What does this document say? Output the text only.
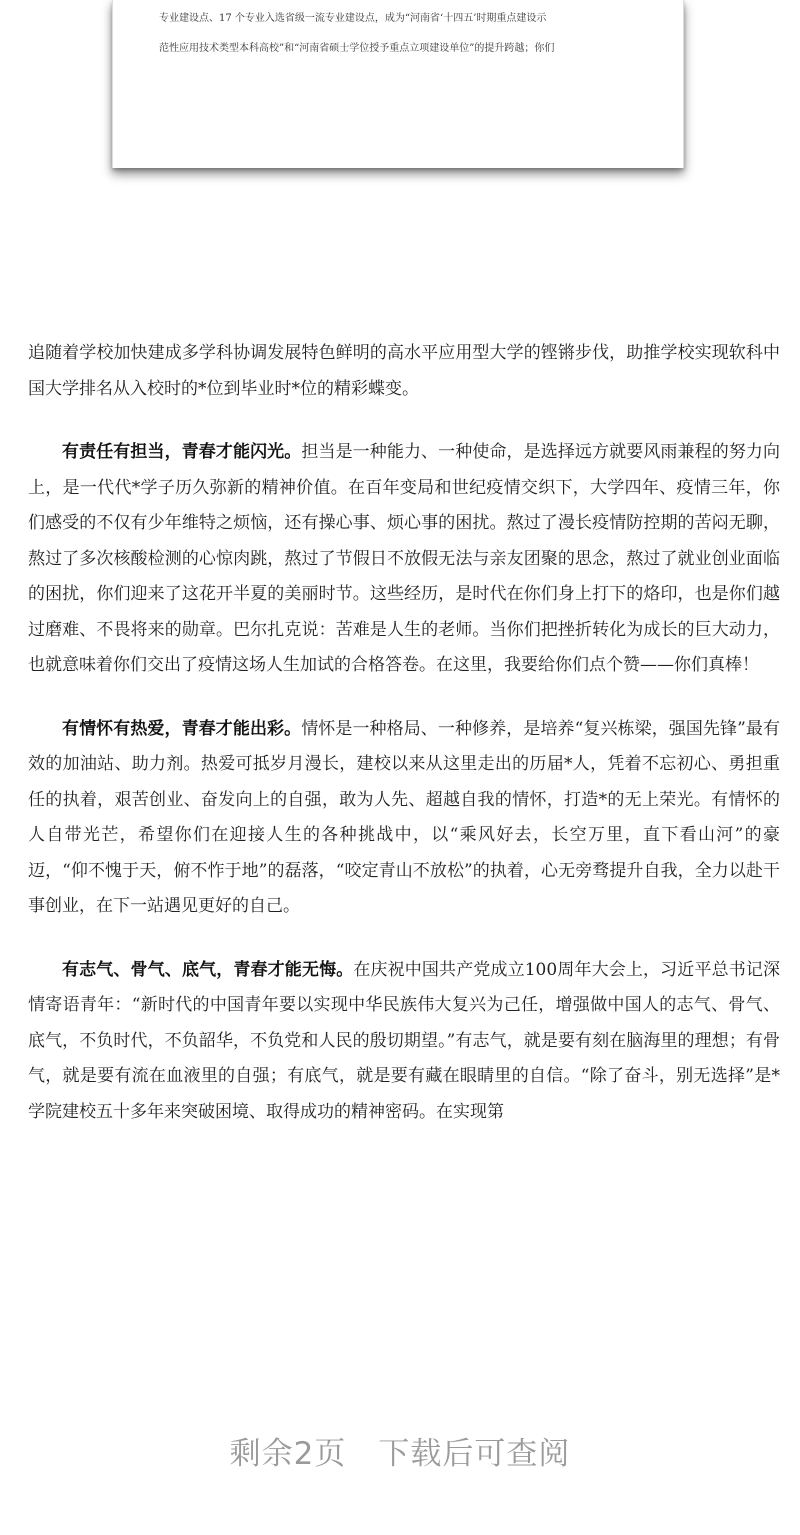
专业建设点、17 个专业入选省级一流专业建设点，成为“河南省‘十四五’时期重点建设示
范性应用技术类型本科高校”和“河南省硕士学位授予重点立项建设单位”的提升跨越；你们

追随着学校加快建成多学科协调发展特色鲜明的高水平应用型大学的铿锵步伐，助推学校实现软科中国大学排名从入校时的*位到毕业时*位的精彩蝶变。

有责任有担当，青春才能闪光。担当是一种能力、一种使命，是选择远方就要风雨兼程的努力向上，是一代代*学子历久弥新的精神价值。在百年变局和世纪疫情交织下，大学四年、疫情三年，你们感受的不仅有少年维特之烦恼，还有操心事、烦心事的困扰。熬过了漫长疫情防控期的苦闷无聊，熬过了多次核酸检测的心惊肉跳，熬过了节假日不放假无法与亲友团聚的思念，熬过了就业创业面临的困扰，你们迎来了这花开半夏的美丽时节。这些经历，是时代在你们身上打下的烙印，也是你们越过磨难、不畏将来的勋章。巴尔扎克说：苦难是人生的老师。当你们把挫折转化为成长的巨大动力，也就意味着你们交出了疫情这场人生加试的合格答卷。在这里，我要给你们点个赞——你们真棒！

有情怀有热爱，青春才能出彩。情怀是一种格局、一种修养，是培养“复兴栋梁，强国先锋”最有效的加油站、助力剂。热爱可抵岁月漫长，建校以来从这里走出的历届*人，凭着不忘初心、勇担重任的执着，艰苦创业、奋发向上的自强，敢为人先、超越自我的情怀，打造*的无上荣光。有情怀的人自带光芒，希望你们在迎接人生的各种挑战中，以“乘风好去，长空万里，直下看山河”的豪迈，“仰不愧于天，俯不怍于地”的磊落，“咬定青山不放松”的执着，心无旁骛提升自我，全力以赴干事创业，在下一站遇见更好的自己。

有志气、骨气、底气，青春才能无悔。在庆祝中国共产党成立100周年大会上，习近平总书记深情寄语青年：“新时代的中国青年要以实现中华民族伟大复兴为己任，增强做中国人的志气、骨气、底气，不负时代，不负韶华，不负党和人民的殷切期望。”有志气，就是要有刻在脑海里的理想；有骨气，就是要有流在血液里的自强；有底气，就是要有藏在眼睛里的自信。“除了奋斗，别无选择”是*学院建校五十多年来突破困境、取得成功的精神密码。在实现第

剩余2页　下载后可查阅
